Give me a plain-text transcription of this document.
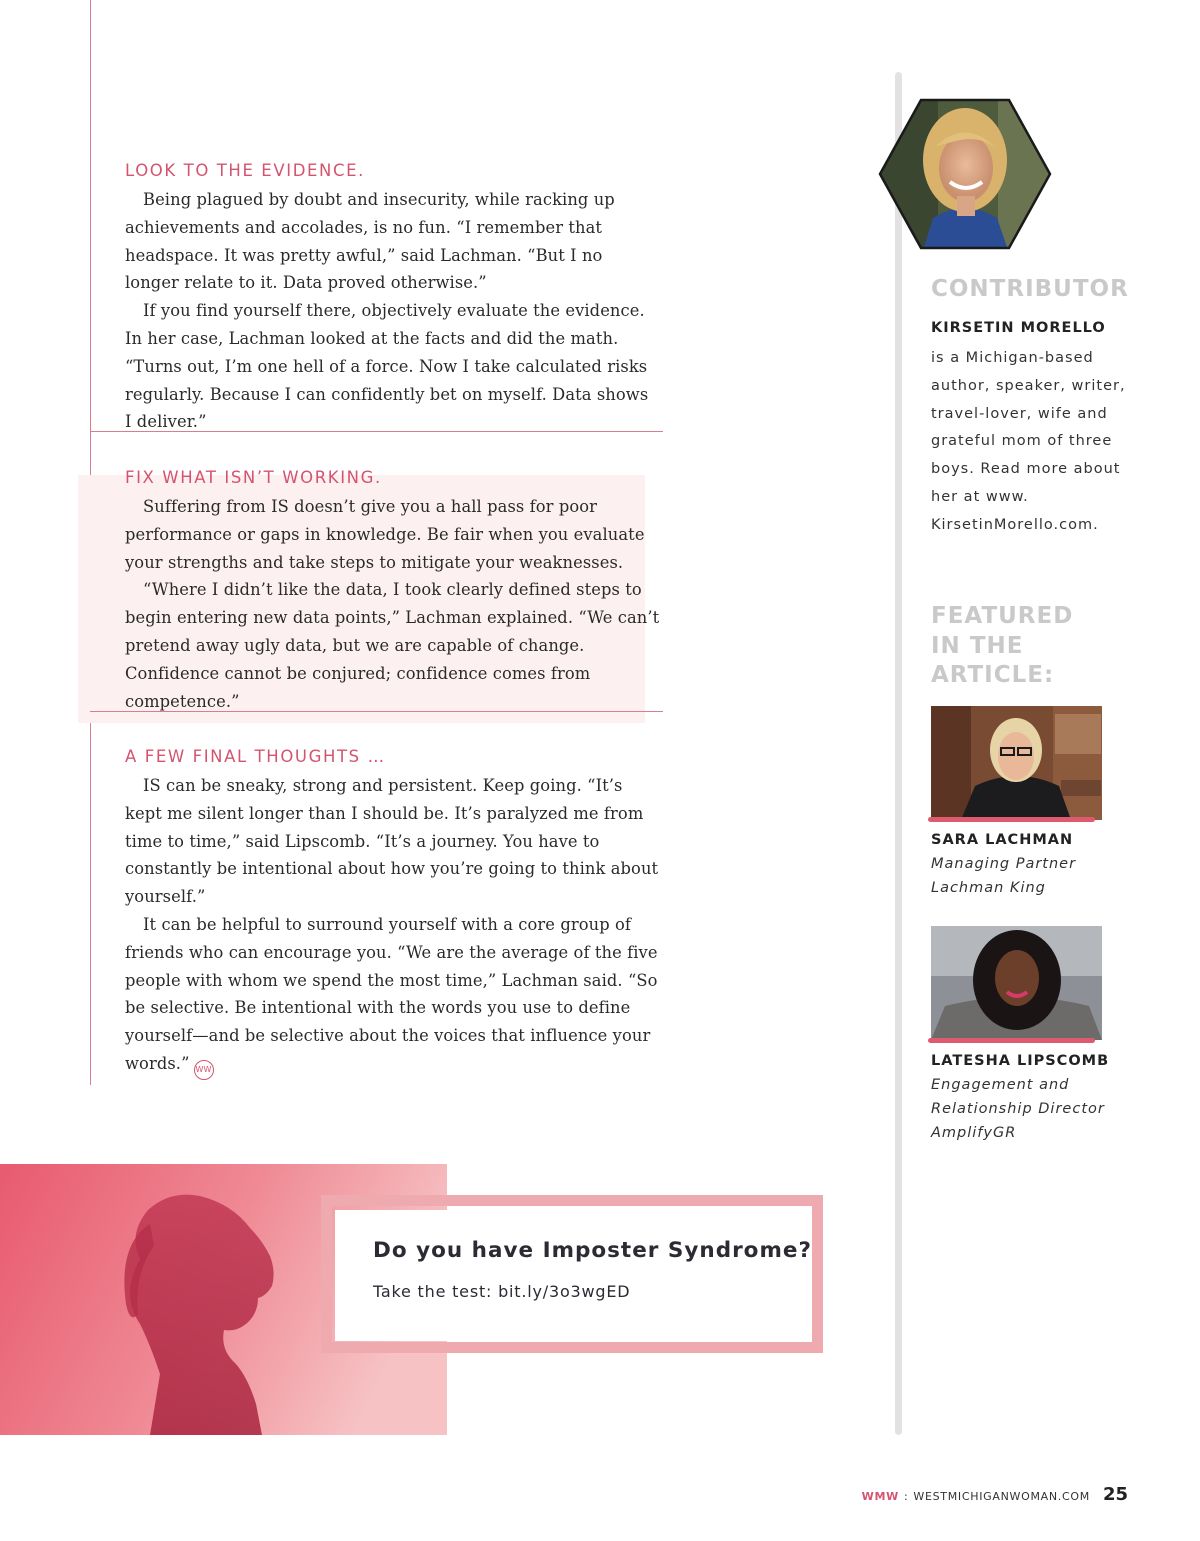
LOOK TO THE EVIDENCE.

Being plagued by doubt and insecurity, while racking up achievements and accolades, is no fun. “I remember that headspace. It was pretty awful,” said Lachman. “But I no longer relate to it. Data proved otherwise.”

If you find yourself there, objectively evaluate the evidence. In her case, Lachman looked at the facts and did the math. “Turns out, I’m one hell of a force. Now I take calculated risks regularly. Because I can confidently bet on myself. Data shows I deliver.”

FIX WHAT ISN’T WORKING.

Suffering from IS doesn’t give you a hall pass for poor performance or gaps in knowledge. Be fair when you evaluate your strengths and take steps to mitigate your weaknesses.

“Where I didn’t like the data, I took clearly defined steps to begin entering new data points,” Lachman explained. “We can’t pretend away ugly data, but we are capable of change. Confidence cannot be conjured; confidence comes from competence.”

A FEW FINAL THOUGHTS …

IS can be sneaky, strong and persistent. Keep going. “It’s kept me silent longer than I should be. It’s paralyzed me from time to time,” said Lipscomb. “It’s a journey. You have to constantly be intentional about how you’re going to think about yourself.”

It can be helpful to surround yourself with a core group of friends who can encourage you. “We are the average of the five people with whom we spend the most time,” Lachman said. “So be selective. Be intentional with the words you use to define yourself—and be selective about the voices that influence your words.” WW

CONTRIBUTOR
KIRSETIN MORELLO
is a Michigan-based author, speaker, writer, travel-lover, wife and grateful mom of three boys. Read more about her at www. KirsetinMorello.com.
FEATURED IN THE ARTICLE:
SARA LACHMAN
Managing Partner
Lachman King
LATESHA LIPSCOMB
Engagement and
Relationship Director
AmplifyGR
Do you have Imposter Syndrome?
Take the test: bit.ly/3o3wgED
WMW : WESTMICHIGANWOMAN.COM 25
